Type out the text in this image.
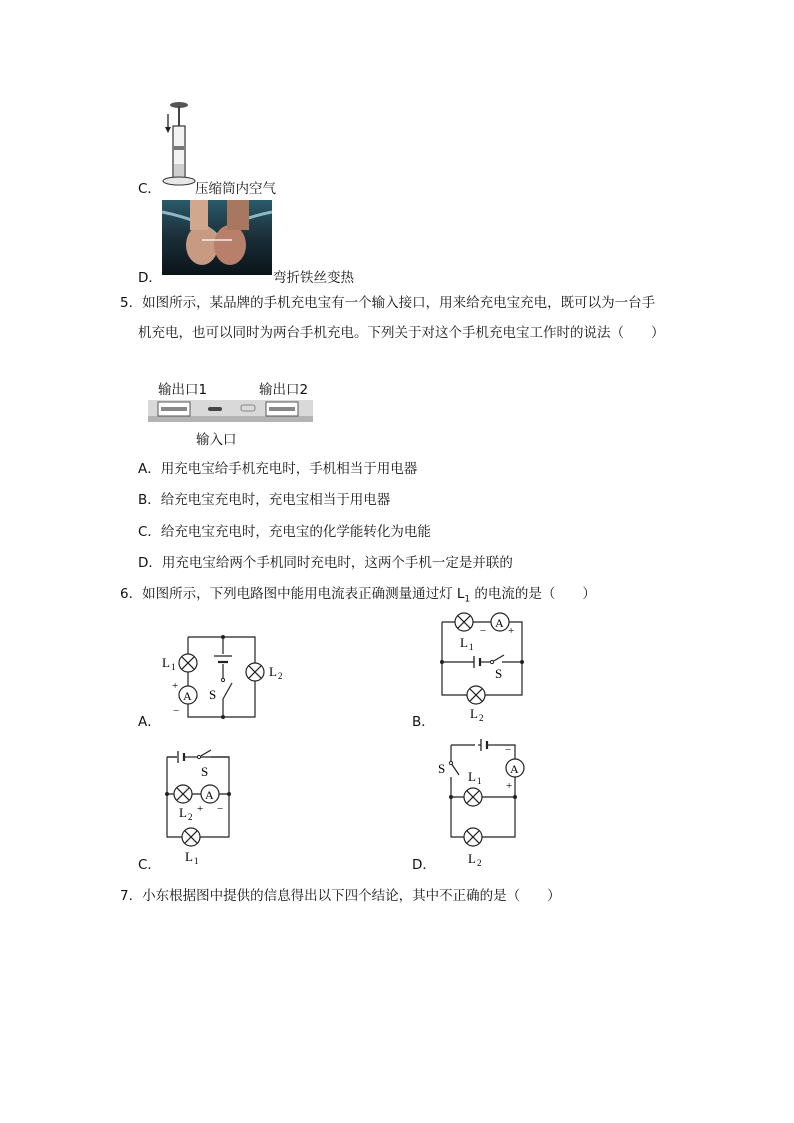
C．	压缩筒内空气
D．	弯折铁丝变热
5．如图所示，某品牌的手机充电宝有一个输入接口，用来给充电宝充电，既可以为一台手
机充电，也可以同时为两台手机充电。下列关于对这个手机充电宝工作时的说法（　　）
输出口1	输出口2
输入口
A．用充电宝给手机充电时，手机相当于用电器
B．给充电宝充电时，充电宝相当于用电器
C．给充电宝充电时，充电宝的化学能转化为电能
D．用充电宝给两个手机同时充电时，这两个手机一定是并联的
6．如图所示，下列电路图中能用电流表正确测量通过灯 $L_1$ 的电流的是（　　）
L 1
A
+
−
S
L 2
A．
A
− +
L 1
S
L 2
B．
S
A
+ −
L 2
L 1
C．
−
A
+
S
L 1
L 2
D．
7．小东根据图中提供的信息得出以下四个结论，其中不正确的是（　　）
